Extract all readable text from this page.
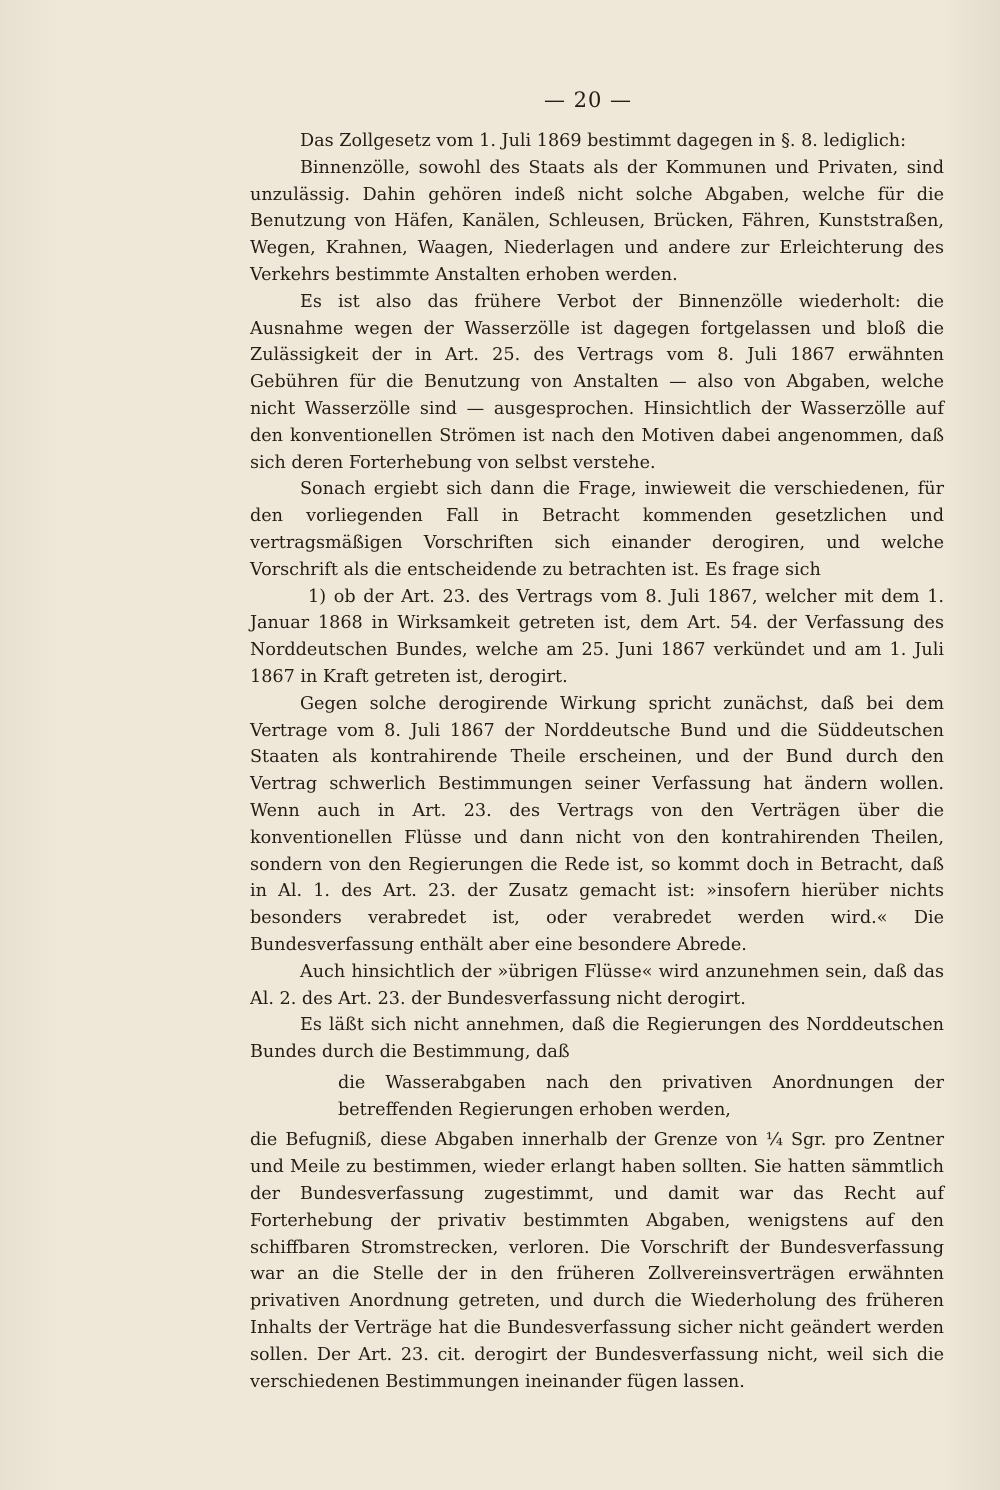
— 20 —

Das Zollgesetz vom 1. Juli 1869 bestimmt dagegen in §. 8. lediglich:

Binnenzölle, sowohl des Staats als der Kommunen und Privaten, sind unzulässig. Dahin gehören indeß nicht solche Abgaben, welche für die Benutzung von Häfen, Kanälen, Schleusen, Brücken, Fähren, Kunststraßen, Wegen, Krahnen, Waagen, Niederlagen und andere zur Erleichterung des Verkehrs bestimmte Anstalten erhoben werden.

Es ist also das frühere Verbot der Binnenzölle wiederholt: die Ausnahme wegen der Wasserzölle ist dagegen fortgelassen und bloß die Zulässigkeit der in Art. 25. des Vertrags vom 8. Juli 1867 erwähnten Gebühren für die Benutzung von Anstalten — also von Abgaben, welche nicht Wasserzölle sind — ausgesprochen. Hinsichtlich der Wasserzölle auf den konventionellen Strömen ist nach den Motiven dabei angenommen, daß sich deren Forterhebung von selbst verstehe.

Sonach ergiebt sich dann die Frage, inwieweit die verschiedenen, für den vorliegenden Fall in Betracht kommenden gesetzlichen und vertragsmäßigen Vorschriften sich einander derogiren, und welche Vorschrift als die entscheidende zu betrachten ist. Es frage sich

1) ob der Art. 23. des Vertrags vom 8. Juli 1867, welcher mit dem 1. Januar 1868 in Wirksamkeit getreten ist, dem Art. 54. der Verfassung des Norddeutschen Bundes, welche am 25. Juni 1867 verkündet und am 1. Juli 1867 in Kraft getreten ist, derogirt.

Gegen solche derogirende Wirkung spricht zunächst, daß bei dem Vertrage vom 8. Juli 1867 der Norddeutsche Bund und die Süddeutschen Staaten als kontrahirende Theile erscheinen, und der Bund durch den Vertrag schwerlich Bestimmungen seiner Verfassung hat ändern wollen. Wenn auch in Art. 23. des Vertrags von den Verträgen über die konventionellen Flüsse und dann nicht von den kontrahirenden Theilen, sondern von den Regierungen die Rede ist, so kommt doch in Betracht, daß in Al. 1. des Art. 23. der Zusatz gemacht ist: »insofern hierüber nichts besonders verabredet ist, oder verabredet werden wird.« Die Bundesverfassung enthält aber eine besondere Abrede.

Auch hinsichtlich der »übrigen Flüsse« wird anzunehmen sein, daß das Al. 2. des Art. 23. der Bundesverfassung nicht derogirt.

Es läßt sich nicht annehmen, daß die Regierungen des Norddeutschen Bundes durch die Bestimmung, daß

die Wasserabgaben nach den privativen Anordnungen der betreffenden Regierungen erhoben werden,

die Befugniß, diese Abgaben innerhalb der Grenze von ¼ Sgr. pro Zentner und Meile zu bestimmen, wieder erlangt haben sollten. Sie hatten sämmtlich der Bundesverfassung zugestimmt, und damit war das Recht auf Forterhebung der privativ bestimmten Abgaben, wenigstens auf den schiffbaren Stromstrecken, verloren. Die Vorschrift der Bundesverfassung war an die Stelle der in den früheren Zollvereinsverträgen erwähnten privativen Anordnung getreten, und durch die Wiederholung des früheren Inhalts der Verträge hat die Bundesverfassung sicher nicht geändert werden sollen. Der Art. 23. cit. derogirt der Bundesverfassung nicht, weil sich die verschiedenen Bestimmungen ineinander fügen lassen.
